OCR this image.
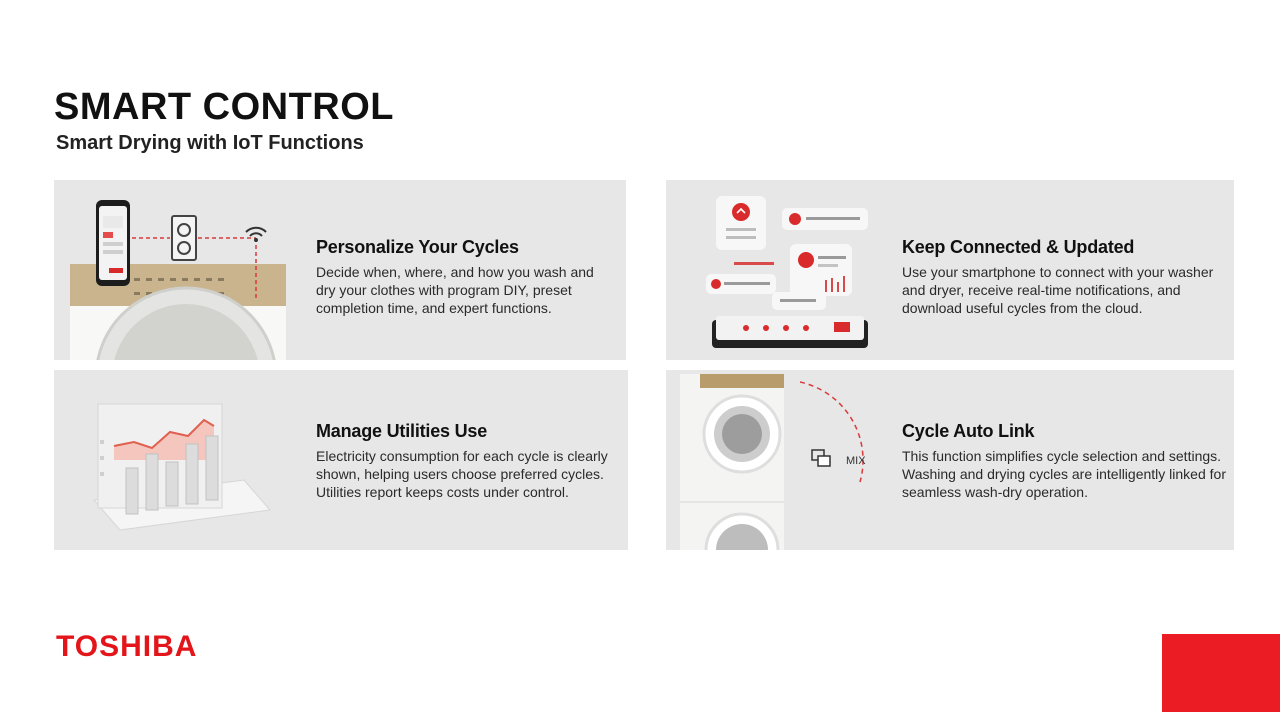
SMART CONTROL
Smart Drying with IoT Functions
Personalize Your Cycles

Decide when, where, and how you wash and dry your clothes with program DIY, preset completion time, and expert functions.

Keep Connected & Updated

Use your smartphone to connect with your washer and dryer, receive real-time notifications, and download useful cycles from the cloud.

Manage Utilities Use

Electricity consumption for each cycle is clearly shown, helping users choose preferred cycles. Utilities report keeps costs under control.

MIX
Cycle Auto Link

This function simplifies cycle selection and settings. Washing and drying cycles are intelligently linked for seamless wash-dry operation.

TOSHIBA
